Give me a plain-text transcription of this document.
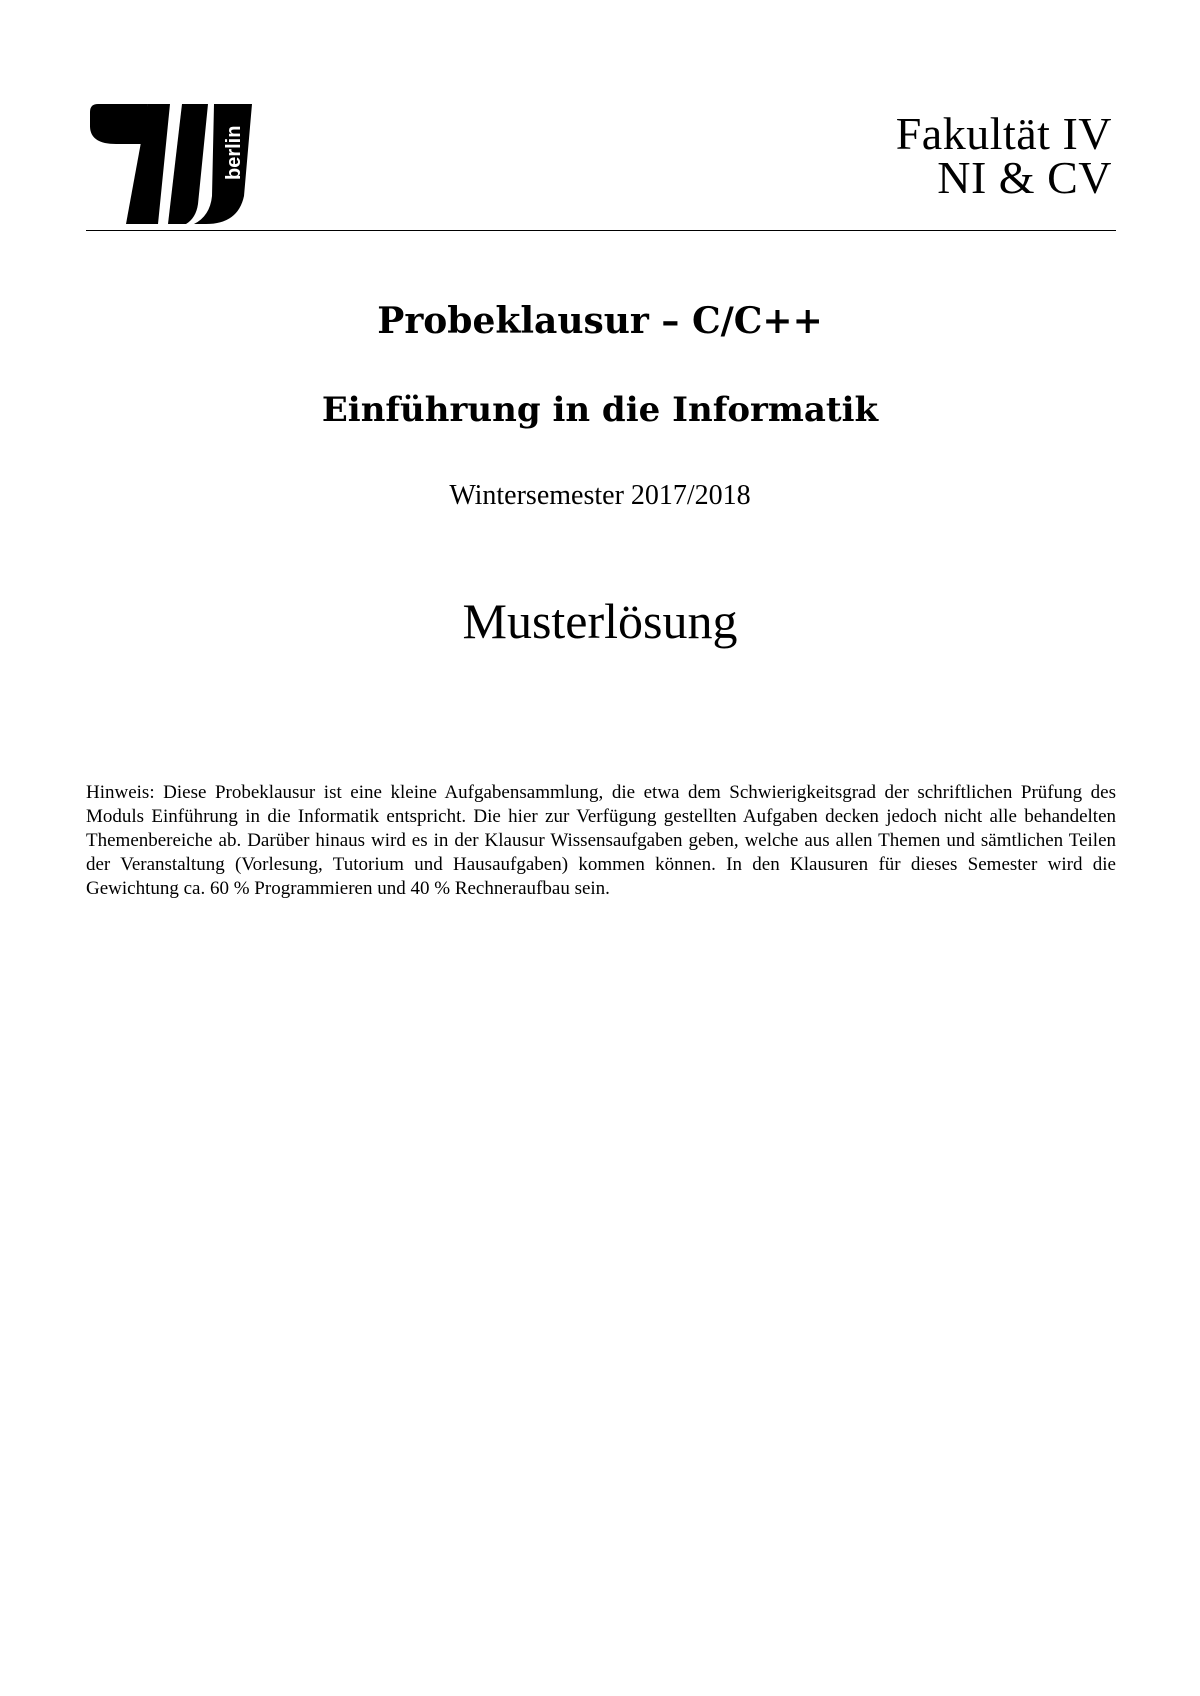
berlin	Fakultät IV
NI & CV
Probeklausur – C/C++
Einführung in die Informatik
Wintersemester 2017/2018
Musterlösung
Hinweis: Diese Probeklausur ist eine kleine Aufgabensammlung, die etwa dem Schwierigkeitsgrad der schriftlichen Prüfung des Moduls Einführung in die Informatik entspricht. Die hier zur Verfügung gestellten Aufgaben decken jedoch nicht alle behandelten Themenbereiche ab. Darüber hinaus wird es in der Klausur Wissensaufgaben geben, welche aus allen Themen und sämtlichen Teilen der Veranstaltung (Vorlesung, Tutorium und Hausaufgaben) kommen können. In den Klausuren für dieses Semester wird die Gewichtung ca. 60 % Programmieren und 40 % Rechneraufbau sein.
